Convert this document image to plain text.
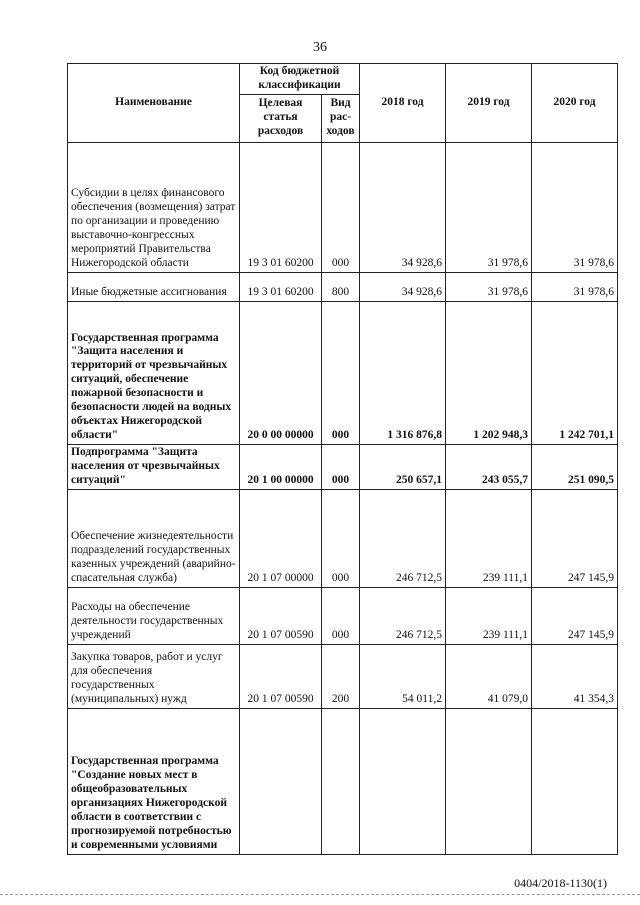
36
Наименование	Код бюджетной классификации		2018 год	2019 год	2020 год
	Целевая статья расходов	Вид рас-ходов			
Субсидии в целях финансового обеспечения (возмещения) затрат по организации и проведению выставочно-конгрессных мероприятий Правительства Нижегородской области	19 3 01 60200	000	34 928,6	31 978,6	31 978,6
Иные бюджетные ассигнования	19 3 01 60200	800	34 928,6	31 978,6	31 978,6
Государственная программа "Защита населения и территорий от чрезвычайных ситуаций, обеспечение пожарной безопасности и безопасности людей на водных объектах Нижегородской области"	20 0 00 00000	000	1 316 876,8	1 202 948,3	1 242 701,1
Подпрограмма "Защита населения от чрезвычайных ситуаций"	20 1 00 00000	000	250 657,1	243 055,7	251 090,5
Обеспечение жизнедеятельности подразделений государственных казенных учреждений (аварийно-спасательная служба)	20 1 07 00000	000	246 712,5	239 111,1	247 145,9
Расходы на обеспечение деятельности государственных учреждений	20 1 07 00590	000	246 712,5	239 111,1	247 145,9
Закупка товаров, работ и услуг для обеспечения государственных (муниципальных) нужд	20 1 07 00590	200	54 011,2	41 079,0	41 354,3
Государственная программа "Создание новых мест в общеобразовательных организациях Нижегородской области в соответствии с прогнозируемой потребностью и современными условиями					
0404/2018-1130(1)
